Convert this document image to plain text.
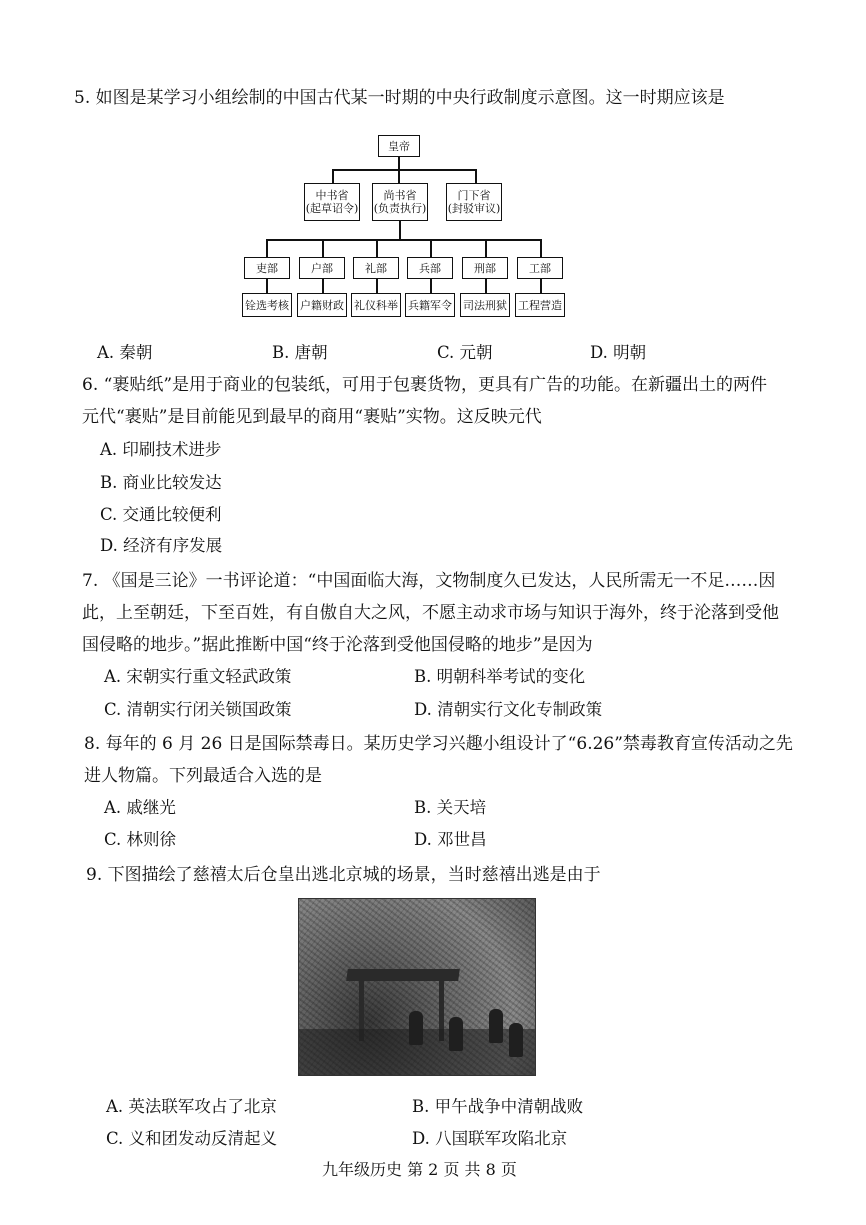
5. 如图是某学习小组绘制的中国古代某一时期的中央行政制度示意图。这一时期应该是
皇帝
中书省
(起草诏令)
尚书省
(负责执行)
门下省
(封驳审议)
吏部	户部	礼部	兵部	刑部	工部
铨选考核 户籍财政 礼仪科举 兵籍军令 司法刑狱 工程营造
A. 秦朝	B. 唐朝	C. 元朝	D. 明朝
6. “裹贴纸”是用于商业的包装纸，可用于包裹货物，更具有广告的功能。在新疆出土的两件
元代“裹贴”是目前能见到最早的商用“裹贴”实物。这反映元代
A. 印刷技术进步
B. 商业比较发达
C. 交通比较便利
D. 经济有序发展
7. 《国是三论》一书评论道：“中国面临大海，文物制度久已发达，人民所需无一不足……因
此，上至朝廷，下至百姓，有自傲自大之风，不愿主动求市场与知识于海外，终于沦落到受他
国侵略的地步。”据此推断中国“终于沦落到受他国侵略的地步”是因为
A. 宋朝实行重文轻武政策	B. 明朝科举考试的变化
C. 清朝实行闭关锁国政策	D. 清朝实行文化专制政策
8. 每年的 6 月 26 日是国际禁毒日。某历史学习兴趣小组设计了“6.26”禁毒教育宣传活动之先
进人物篇。下列最适合入选的是
A. 戚继光	B. 关天培
C. 林则徐	D. 邓世昌
9. 下图描绘了慈禧太后仓皇出逃北京城的场景，当时慈禧出逃是由于
A. 英法联军攻占了北京	B. 甲午战争中清朝战败
C. 义和团发动反清起义	D. 八国联军攻陷北京
九年级历史 第 2 页 共 8 页
